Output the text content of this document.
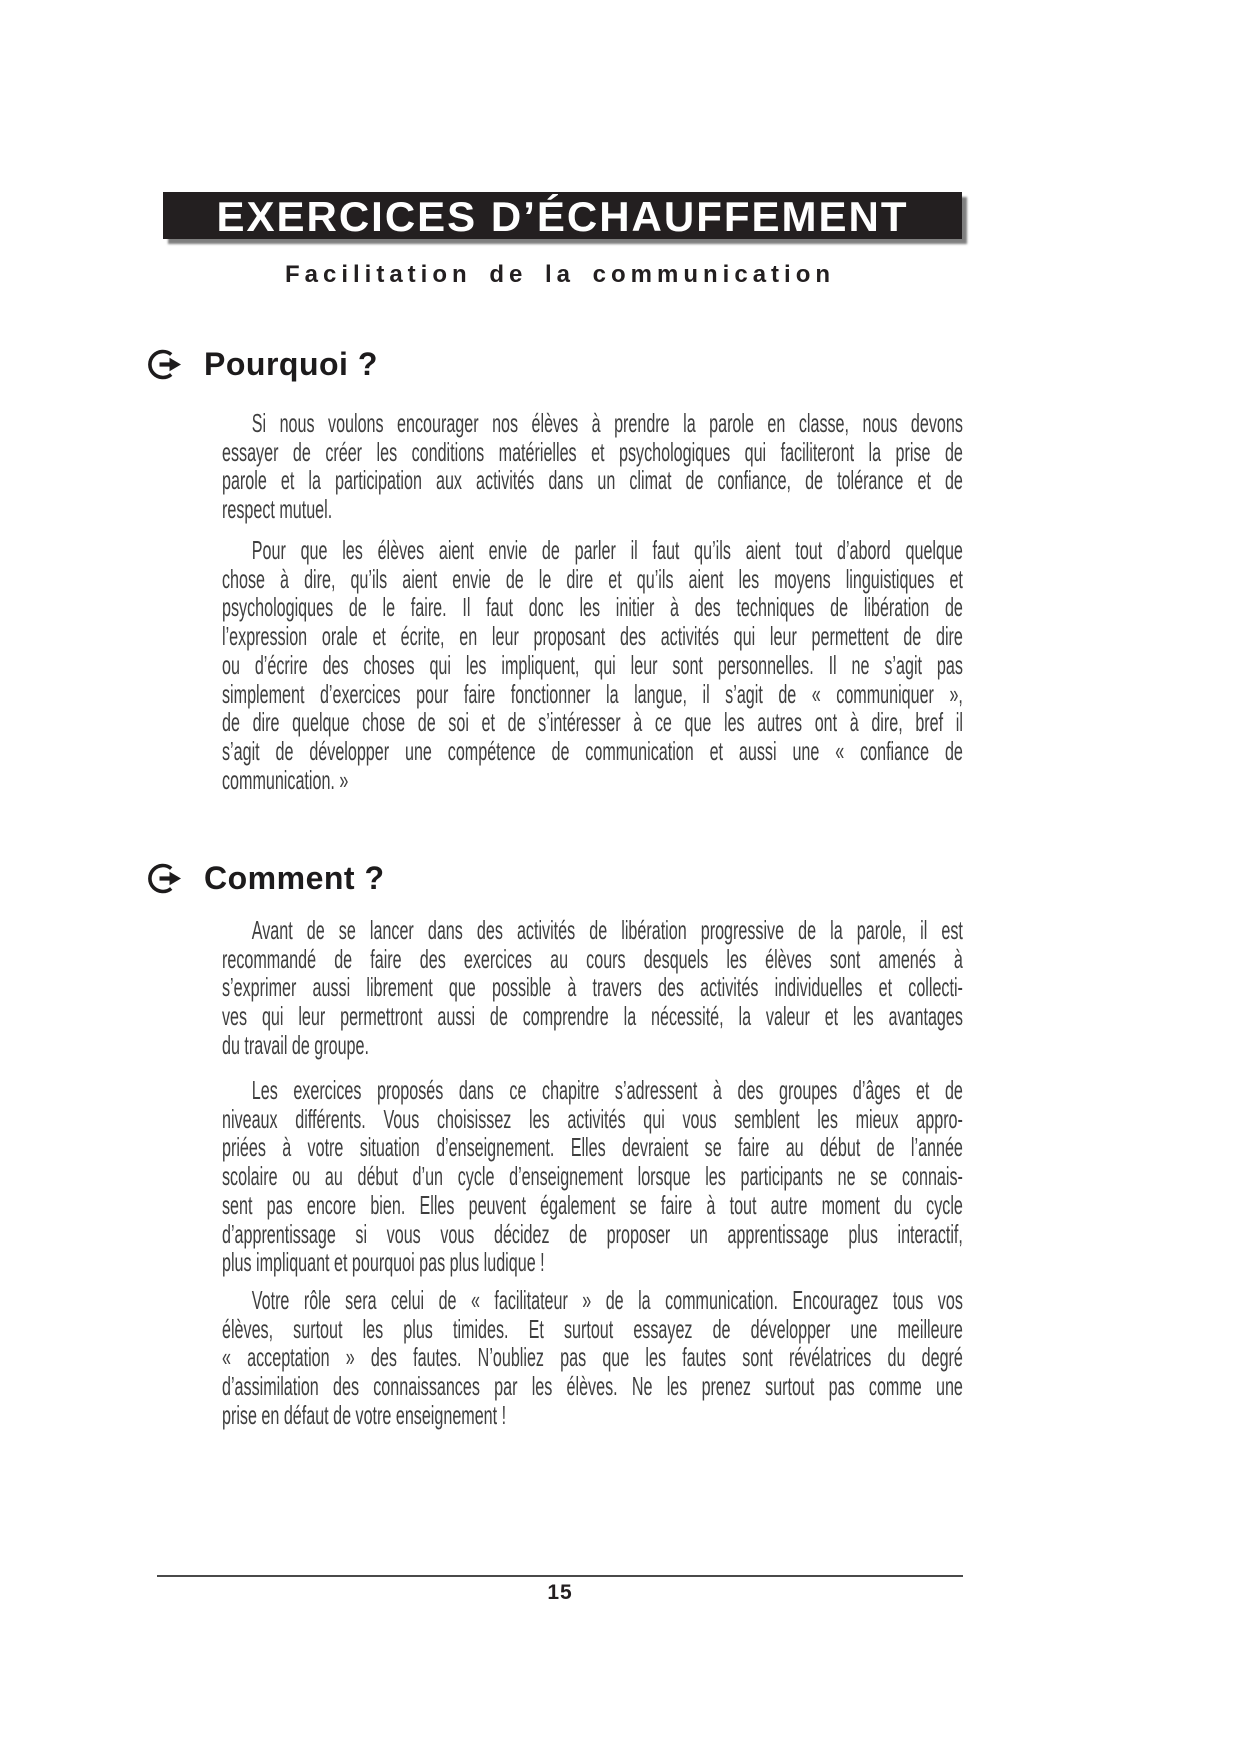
EXERCICES D’ÉCHAUFFEMENT
Facilitation de la communication
Pourquoi ?
Si nous voulons encourager nos élèves à prendre la parole en classe, nous devons
essayer de créer les conditions matérielles et psychologiques qui faciliteront la prise de
parole et la participation aux activités dans un climat de confiance, de tolérance et de
respect mutuel.
Pour que les élèves aient envie de parler il faut qu’ils aient tout d’abord quelque
chose à dire, qu’ils aient envie de le dire et qu’ils aient les moyens linguistiques et
psychologiques de le faire. Il faut donc les initier à des techniques de libération de
l’expression orale et écrite, en leur proposant des activités qui leur permettent de dire
ou d’écrire des choses qui les impliquent, qui leur sont personnelles. Il ne s’agit pas
simplement d’exercices pour faire fonctionner la langue, il s’agit de « communiquer »,
de dire quelque chose de soi et de s’intéresser à ce que les autres ont à dire, bref il
s’agit de développer une compétence de communication et aussi une « confiance de
communication. »
Comment ?
Avant de se lancer dans des activités de libération progressive de la parole, il est
recommandé de faire des exercices au cours desquels les élèves sont amenés à
s’exprimer aussi librement que possible à travers des activités individuelles et collecti-
ves qui leur permettront aussi de comprendre la nécessité, la valeur et les avantages
du travail de groupe.
Les exercices proposés dans ce chapitre s’adressent à des groupes d’âges et de
niveaux différents. Vous choisissez les activités qui vous semblent les mieux appro-
priées à votre situation d’enseignement. Elles devraient se faire au début de l’année
scolaire ou au début d’un cycle d’enseignement lorsque les participants ne se connais-
sent pas encore bien. Elles peuvent également se faire à tout autre moment du cycle
d’apprentissage si vous vous décidez de proposer un apprentissage plus interactif,
plus impliquant et pourquoi pas plus ludique !
Votre rôle sera celui de « facilitateur » de la communication. Encouragez tous vos
élèves, surtout les plus timides. Et surtout essayez de développer une meilleure
« acceptation » des fautes. N’oubliez pas que les fautes sont révélatrices du degré
d’assimilation des connaissances par les élèves. Ne les prenez surtout pas comme une
prise en défaut de votre enseignement !
15
